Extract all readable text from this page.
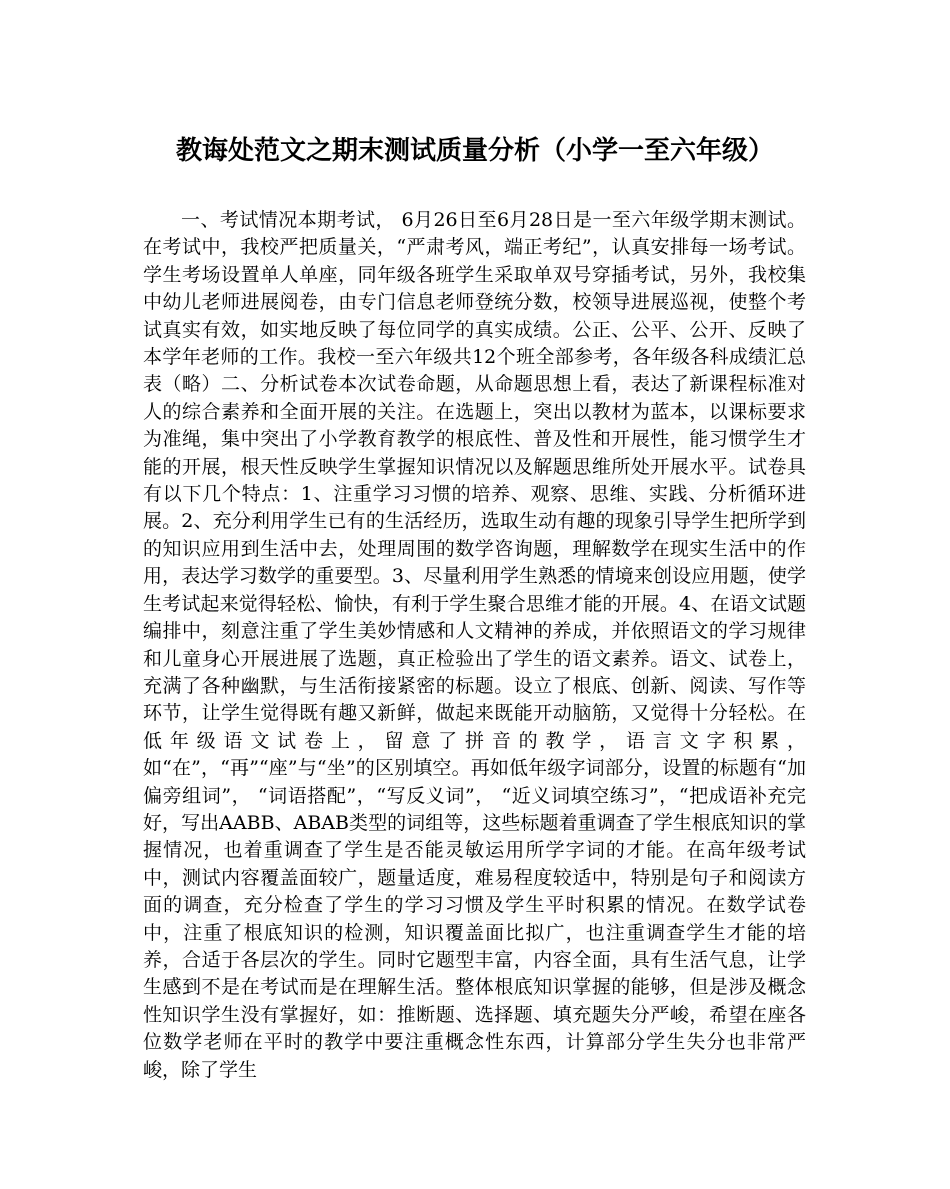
教诲处范文之期末测试质量分析（小学一至六年级）

一、考试情况本期考试， 6月26日至6月28日是一至六年级学期末测试。在考试中，我校严把质量关，“严肃考风，端正考纪”，认真安排每一场考试。学生考场设置单人单座，同年级各班学生采取单双号穿插考试，另外，我校集中幼儿老师进展阅卷，由专门信息老师登统分数，校领导进展巡视，使整个考试真实有效，如实地反映了每位同学的真实成绩。公正、公平、公开、反映了本学年老师的工作。我校一至六年级共12个班全部参考，各年级各科成绩汇总表（略）二、分析试卷本次试卷命题，从命题思想上看，表达了新课程标准对人的综合素养和全面开展的关注。在选题上，突出以教材为蓝本，以课标要求为准绳，集中突出了小学教育教学的根底性、普及性和开展性，能习惯学生才能的开展，根天性反映学生掌握知识情况以及解题思维所处开展水平。试卷具有以下几个特点：1、注重学习习惯的培养、观察、思维、实践、分析循环进展。2、充分利用学生已有的生活经历，选取生动有趣的现象引导学生把所学到的知识应用到生活中去，处理周围的数学咨询题，理解数学在现实生活中的作用，表达学习数学的重要型。3、尽量利用学生熟悉的情境来创设应用题，使学生考试起来觉得轻松、愉快，有利于学生聚合思维才能的开展。4、在语文试题编排中，刻意注重了学生美妙情感和人文精神的养成，并依照语文的学习规律和儿童身心开展进展了选题，真正检验出了学生的语文素养。语文、试卷上，充满了各种幽默，与生活衔接紧密的标题。设立了根底、创新、阅读、写作等环节，让学生觉得既有趣又新鲜，做起来既能开动脑筋，又觉得十分轻松。在低年级语文试卷上，留意了拼音的教学，语言文字积累，如“在”，“再”“座”与“坐”的区别填空。再如低年级字词部分，设置的标题有“加偏旁组词”， “词语搭配”，“写反义词”， “近义词填空练习”，“把成语补充完好，写出AABB、ABAB类型的词组等，这些标题着重调查了学生根底知识的掌握情况，也着重调查了学生是否能灵敏运用所学字词的才能。在高年级考试中，测试内容覆盖面较广，题量适度，难易程度较适中，特别是句子和阅读方面的调查，充分检查了学生的学习习惯及学生平时积累的情况。在数学试卷中，注重了根底知识的检测，知识覆盖面比拟广，也注重调查学生才能的培养，合适于各层次的学生。同时它题型丰富，内容全面，具有生活气息，让学生感到不是在考试而是在理解生活。整体根底知识掌握的能够，但是涉及概念性知识学生没有掌握好，如：推断题、选择题、填充题失分严峻，希望在座各位数学老师在平时的教学中要注重概念性东西，计算部分学生失分也非常严峻，除了学生
